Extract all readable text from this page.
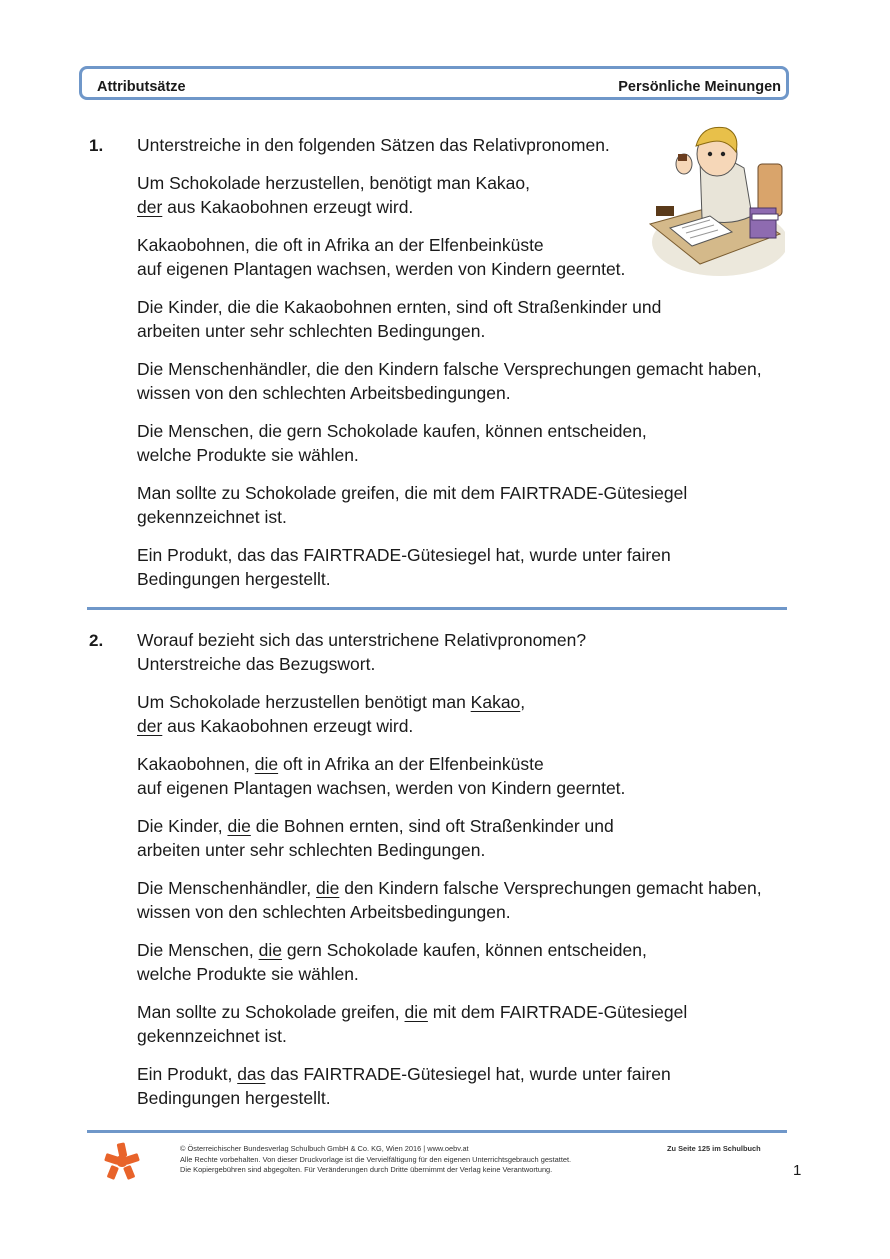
Attributsätze	Persönliche Meinungen
1. Unterstreiche in den folgenden Sätzen das Relativpronomen.
Um Schokolade herzustellen, benötigt man Kakao,
der aus Kakaobohnen erzeugt wird.
Kakaobohnen, die oft in Afrika an der Elfenbeinküste
auf eigenen Plantagen wachsen, werden von Kindern geerntet.
Die Kinder, die die Kakaobohnen ernten, sind oft Straßenkinder und
arbeiten unter sehr schlechten Bedingungen.
Die Menschenhändler, die den Kindern falsche Versprechungen gemacht haben,
wissen von den schlechten Arbeitsbedingungen.
Die Menschen, die gern Schokolade kaufen, können entscheiden,
welche Produkte sie wählen.
Man sollte zu Schokolade greifen, die mit dem FAIRTRADE-Gütesiegel
gekennzeichnet ist.
Ein Produkt, das das FAIRTRADE-Gütesiegel hat, wurde unter fairen
Bedingungen hergestellt.
2. Worauf bezieht sich das unterstrichene Relativpronomen?
Unterstreiche das Bezugswort.
Um Schokolade herzustellen benötigt man Kakao,
der aus Kakaobohnen erzeugt wird.
Kakaobohnen, die oft in Afrika an der Elfenbeinküste
auf eigenen Plantagen wachsen, werden von Kindern geerntet.
Die Kinder, die die Bohnen ernten, sind oft Straßenkinder und
arbeiten unter sehr schlechten Bedingungen.
Die Menschenhändler, die den Kindern falsche Versprechungen gemacht haben,
wissen von den schlechten Arbeitsbedingungen.
Die Menschen, die gern Schokolade kaufen, können entscheiden,
welche Produkte sie wählen.
Man sollte zu Schokolade greifen, die mit dem FAIRTRADE-Gütesiegel
gekennzeichnet ist.
Ein Produkt, das das FAIRTRADE-Gütesiegel hat, wurde unter fairen
Bedingungen hergestellt.
© Österreichischer Bundesverlag Schulbuch GmbH & Co. KG, Wien 2016 | www.oebv.at
Alle Rechte vorbehalten. Von dieser Druckvorlage ist die Vervielfältigung für den eigenen Unterrichtsgebrauch gestattet.
Die Kopiergebühren sind abgegolten. Für Veränderungen durch Dritte übernimmt der Verlag keine Verantwortung.
Zu Seite 125 im Schulbuch
1
